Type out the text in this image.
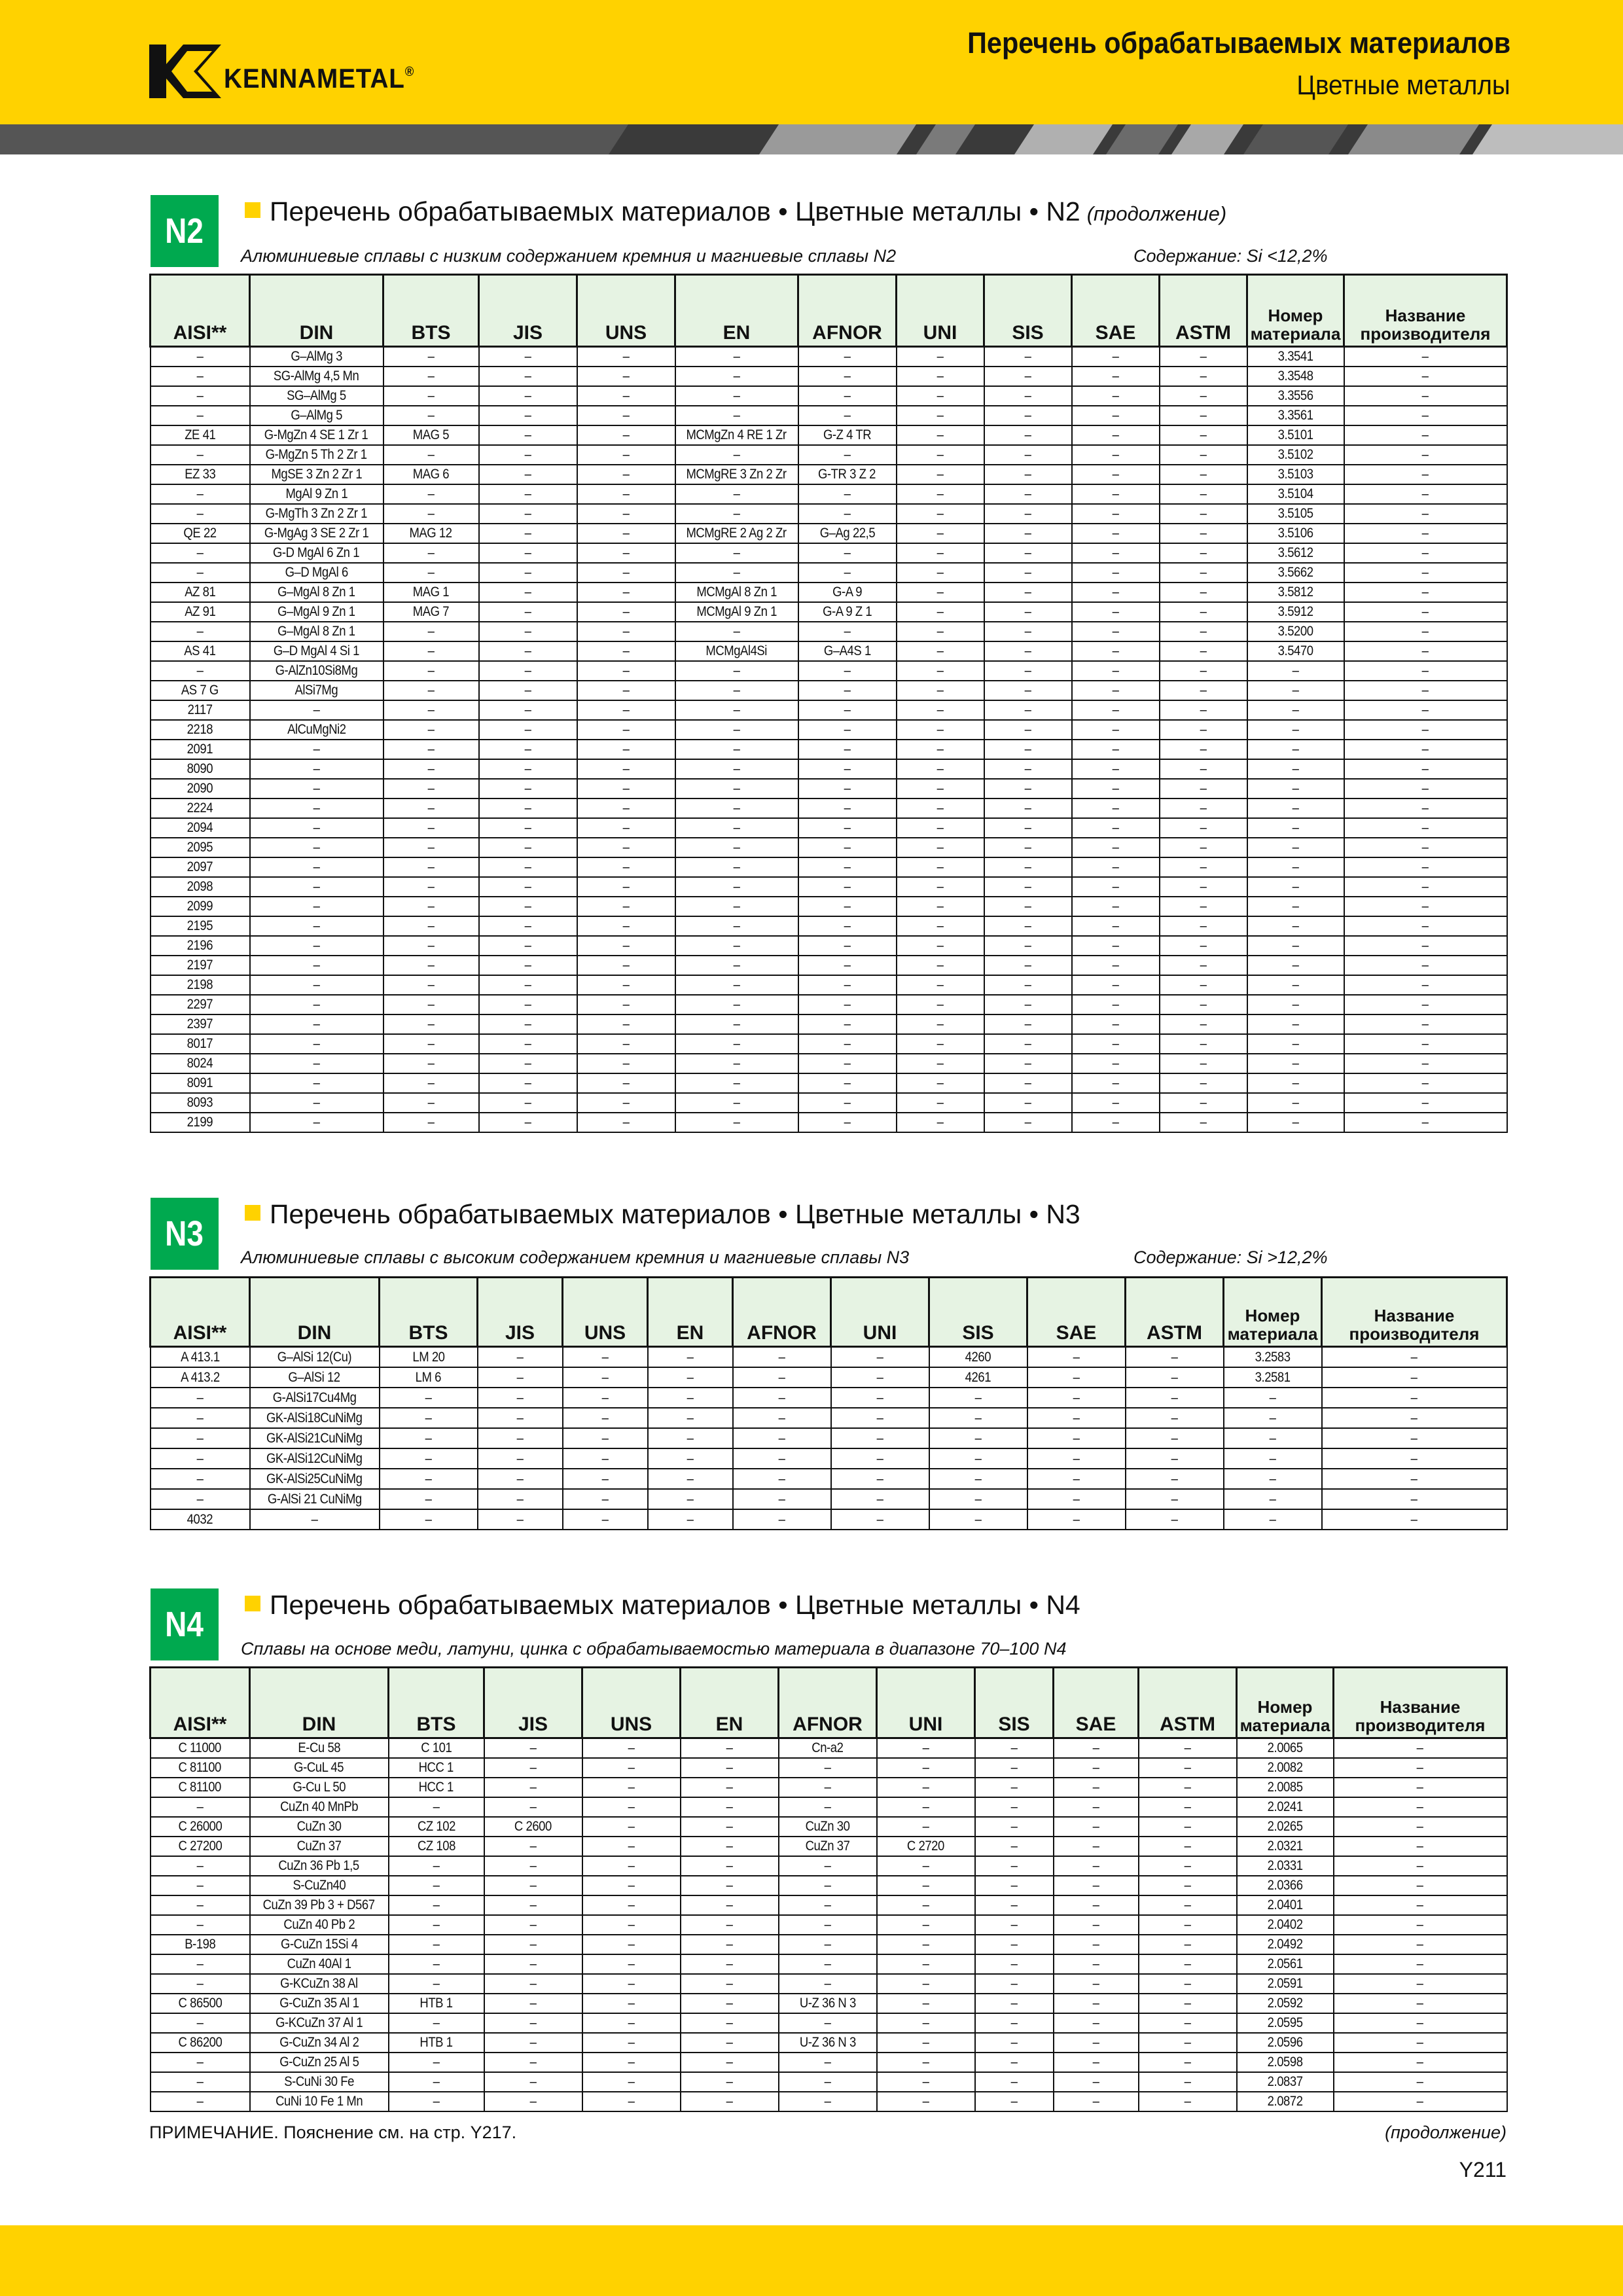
KENNAMETAL®
Перечень обрабатываемых материалов
Цветные металлы
N2	Перечень обрабатываемых материалов • Цветные металлы • N2 (продолжение)
Алюминиевые сплавы с низким содержанием кремния и магниевые сплавы N2	Содержание: Si <12,2%
AISI**	DIN	BTS	JIS	UNS	EN	AFNOR	UNI	SIS	SAE	ASTM	Номер
материала	Название
производителя
–	G–AlMg 3	–	–	–	–	–	–	–	–	–	3.3541	–
–	SG-AlMg 4,5 Mn	–	–	–	–	–	–	–	–	–	3.3548	–
–	SG–AlMg 5	–	–	–	–	–	–	–	–	–	3.3556	–
–	G–AlMg 5	–	–	–	–	–	–	–	–	–	3.3561	–
ZE 41	G-MgZn 4 SE 1 Zr 1	MAG 5	–	–	MCMgZn 4 RE 1 Zr	G-Z 4 TR	–	–	–	–	3.5101	–
–	G-MgZn 5 Th 2 Zr 1	–	–	–	–	–	–	–	–	–	3.5102	–
EZ 33	MgSE 3 Zn 2 Zr 1	MAG 6	–	–	MCMgRE 3 Zn 2 Zr	G-TR 3 Z 2	–	–	–	–	3.5103	–
–	MgAl 9 Zn 1	–	–	–	–	–	–	–	–	–	3.5104	–
–	G-MgTh 3 Zn 2 Zr 1	–	–	–	–	–	–	–	–	–	3.5105	–
QE 22	G-MgAg 3 SE 2 Zr 1	MAG 12	–	–	MCMgRE 2 Ag 2 Zr	G–Ag 22,5	–	–	–	–	3.5106	–
–	G-D MgAl 6 Zn 1	–	–	–	–	–	–	–	–	–	3.5612	–
–	G–D MgAl 6	–	–	–	–	–	–	–	–	–	3.5662	–
AZ 81	G–MgAl 8 Zn 1	MAG 1	–	–	MCMgAl 8 Zn 1	G-A 9	–	–	–	–	3.5812	–
AZ 91	G–MgAl 9 Zn 1	MAG 7	–	–	MCMgAl 9 Zn 1	G-A 9 Z 1	–	–	–	–	3.5912	–
–	G–MgAl 8 Zn 1	–	–	–	–	–	–	–	–	–	3.5200	–
AS 41	G–D MgAl 4 Si 1	–	–	–	MCMgAl4Si	G–A4S 1	–	–	–	–	3.5470	–
–	G-AlZn10Si8Mg	–	–	–	–	–	–	–	–	–	–	–
AS 7 G	AlSi7Mg	–	–	–	–	–	–	–	–	–	–	–
2117	–	–	–	–	–	–	–	–	–	–	–	–
2218	AlCuMgNi2	–	–	–	–	–	–	–	–	–	–	–
2091	–	–	–	–	–	–	–	–	–	–	–	–
8090	–	–	–	–	–	–	–	–	–	–	–	–
2090	–	–	–	–	–	–	–	–	–	–	–	–
2224	–	–	–	–	–	–	–	–	–	–	–	–
2094	–	–	–	–	–	–	–	–	–	–	–	–
2095	–	–	–	–	–	–	–	–	–	–	–	–
2097	–	–	–	–	–	–	–	–	–	–	–	–
2098	–	–	–	–	–	–	–	–	–	–	–	–
2099	–	–	–	–	–	–	–	–	–	–	–	–
2195	–	–	–	–	–	–	–	–	–	–	–	–
2196	–	–	–	–	–	–	–	–	–	–	–	–
2197	–	–	–	–	–	–	–	–	–	–	–	–
2198	–	–	–	–	–	–	–	–	–	–	–	–
2297	–	–	–	–	–	–	–	–	–	–	–	–
2397	–	–	–	–	–	–	–	–	–	–	–	–
8017	–	–	–	–	–	–	–	–	–	–	–	–
8024	–	–	–	–	–	–	–	–	–	–	–	–
8091	–	–	–	–	–	–	–	–	–	–	–	–
8093	–	–	–	–	–	–	–	–	–	–	–	–
2199	–	–	–	–	–	–	–	–	–	–	–	–
N3	Перечень обрабатываемых материалов • Цветные металлы • N3
Алюминиевые сплавы с высоким содержанием кремния и магниевые сплавы N3	Содержание: Si >12,2%
AISI**	DIN	BTS	JIS	UNS	EN	AFNOR	UNI	SIS	SAE	ASTM	Номер
материала	Название
производителя
A 413.1	G–AlSi 12(Cu)	LM 20	–	–	–	–	–	4260	–	–	3.2583	–
A 413.2	G–AlSi 12	LM 6	–	–	–	–	–	4261	–	–	3.2581	–
–	G-AlSi17Cu4Mg	–	–	–	–	–	–	–	–	–	–	–
–	GK-AlSi18CuNiMg	–	–	–	–	–	–	–	–	–	–	–
–	GK-AlSi21CuNiMg	–	–	–	–	–	–	–	–	–	–	–
–	GK-AlSi12CuNiMg	–	–	–	–	–	–	–	–	–	–	–
–	GK-AlSi25CuNiMg	–	–	–	–	–	–	–	–	–	–	–
–	G-AlSi 21 CuNiMg	–	–	–	–	–	–	–	–	–	–	–
4032	–	–	–	–	–	–	–	–	–	–	–	–
N4	Перечень обрабатываемых материалов • Цветные металлы • N4
Сплавы на основе меди, латуни, цинка с обрабатываемостью материала в диапазоне 70–100 N4
AISI**	DIN	BTS	JIS	UNS	EN	AFNOR	UNI	SIS	SAE	ASTM	Номер
материала	Название
производителя
C 11000	E-Cu 58	C 101	–	–	–	Cn-a2	–	–	–	–	2.0065	–
C 81100	G-CuL 45	HCC 1	–	–	–	–	–	–	–	–	2.0082	–
C 81100	G-Cu L 50	HCC 1	–	–	–	–	–	–	–	–	2.0085	–
–	CuZn 40 MnPb	–	–	–	–	–	–	–	–	–	2.0241	–
C 26000	CuZn 30	CZ 102	C 2600	–	–	CuZn 30	–	–	–	–	2.0265	–
C 27200	CuZn 37	CZ 108	–	–	–	CuZn 37	C 2720	–	–	–	2.0321	–
–	CuZn 36 Pb 1,5	–	–	–	–	–	–	–	–	–	2.0331	–
–	S-CuZn40	–	–	–	–	–	–	–	–	–	2.0366	–
–	CuZn 39 Pb 3 + D567	–	–	–	–	–	–	–	–	–	2.0401	–
–	CuZn 40 Pb 2	–	–	–	–	–	–	–	–	–	2.0402	–
B-198	G-CuZn 15Si 4	–	–	–	–	–	–	–	–	–	2.0492	–
–	CuZn 40Al 1	–	–	–	–	–	–	–	–	–	2.0561	–
–	G-KCuZn 38 Al	–	–	–	–	–	–	–	–	–	2.0591	–
C 86500	G-CuZn 35 Al 1	HTB 1	–	–	–	U-Z 36 N 3	–	–	–	–	2.0592	–
–	G-KCuZn 37 Al 1	–	–	–	–	–	–	–	–	–	2.0595	–
C 86200	G-CuZn 34 Al 2	HTB 1	–	–	–	U-Z 36 N 3	–	–	–	–	2.0596	–
–	G-CuZn 25 Al 5	–	–	–	–	–	–	–	–	–	2.0598	–
–	S-CuNi 30 Fe	–	–	–	–	–	–	–	–	–	2.0837	–
–	CuNi 10 Fe 1 Mn	–	–	–	–	–	–	–	–	–	2.0872	–
ПРИМЕЧАНИЕ. Пояснение см. на стр. Y217.	(продолжение)
Y211
